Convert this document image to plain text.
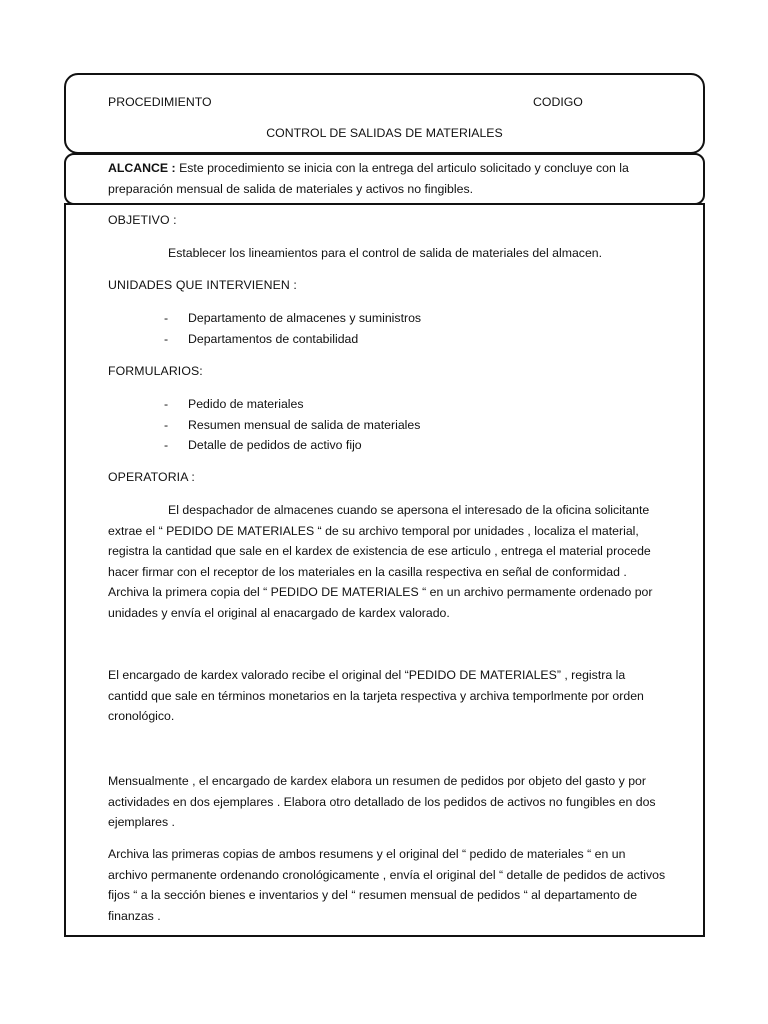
PROCEDIMIENTO	CODIGO
CONTROL DE SALIDAS DE MATERIALES
ALCANCE : Este procedimiento se inicia con la entrega del articulo solicitado y concluye con la preparación mensual de salida de materiales y activos no fingibles.
OBJETIVO :
Establecer los lineamientos para el control de salida de materiales del almacen.
UNIDADES QUE INTERVIENEN :
- Departamento de almacenes y suministros
- Departamentos de contabilidad
FORMULARIOS:
- Pedido de materiales
- Resumen mensual de salida de materiales
- Detalle de pedidos de activo fijo
OPERATORIA :
El despachador de almacenes cuando se apersona el interesado de la oficina solicitante extrae el “ PEDIDO DE MATERIALES “ de su archivo temporal por unidades , localiza el material, registra la cantidad que sale en el kardex de existencia de ese articulo , entrega el material procede hacer firmar con el receptor de los materiales en la casilla respectiva en señal de conformidad . Archiva la primera copia del “ PEDIDO DE MATERIALES “ en un archivo permamente ordenado por unidades y envía el original al enacargado de kardex valorado.
El encargado de kardex valorado recibe el original del “PEDIDO DE MATERIALES” , registra la cantidd que sale en términos monetarios en la tarjeta respectiva y archiva temporlmente por orden cronológico.
Mensualmente , el encargado de kardex elabora un resumen de pedidos por objeto del gasto y por actividades en dos ejemplares . Elabora otro detallado de los pedidos de activos no fungibles en dos ejemplares .
Archiva las primeras copias de ambos resumens y el original del “ pedido de materiales “ en un archivo permanente ordenando cronológicamente , envía el original del “ detalle de pedidos de activos fijos “ a la sección bienes e inventarios y del “ resumen mensual de pedidos “ al departamento de finanzas .
